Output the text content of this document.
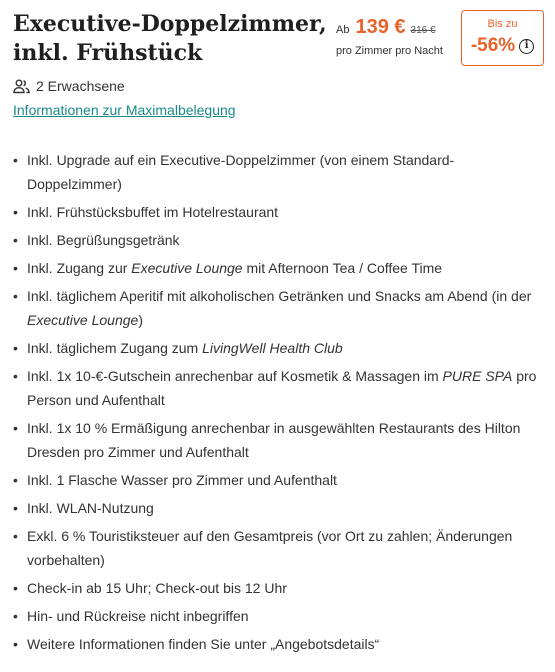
Executive-Doppelzimmer, inkl. Frühstück
Ab 139 € 316 €
pro Zimmer pro Nacht
Bis zu
-56% i
2 Erwachsene
Informationen zur Maximalbelegung
• Inkl. Upgrade auf ein Executive-Doppelzimmer (von einem Standard-Doppelzimmer)
• Inkl. Frühstücksbuffet im Hotelrestaurant
• Inkl. Begrüßungsgetränk
• Inkl. Zugang zur Executive Lounge mit Afternoon Tea / Coffee Time
• Inkl. täglichem Aperitif mit alkoholischen Getränken und Snacks am Abend (in der Executive Lounge)
• Inkl. täglichem Zugang zum LivingWell Health Club
• Inkl. 1x 10-€-Gutschein anrechenbar auf Kosmetik & Massagen im PURE SPA pro Person und Aufenthalt
• Inkl. 1x 10 % Ermäßigung anrechenbar in ausgewählten Restaurants des Hilton Dresden pro Zimmer und Aufenthalt
• Inkl. 1 Flasche Wasser pro Zimmer und Aufenthalt
• Inkl. WLAN-Nutzung
• Exkl. 6 % Touristiksteuer auf den Gesamtpreis (vor Ort zu zahlen; Änderungen vorbehalten)
• Check-in ab 15 Uhr; Check-out bis 12 Uhr
• Hin- und Rückreise nicht inbegriffen
• Weitere Informationen finden Sie unter „Angebotsdetails“
